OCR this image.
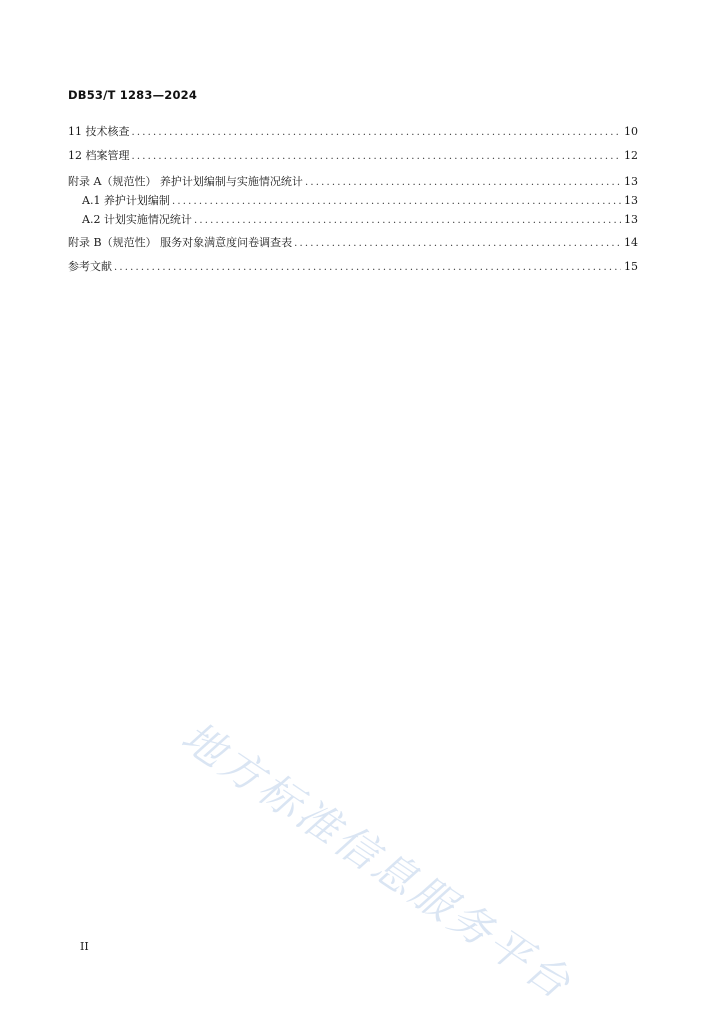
DB53/T 1283—2024
11 技术核查 .....	10
12 档案管理 .....	12
附录 A（规范性） 养护计划编制与实施情况统计 .....	13
A.1 养护计划编制 .....	13
A.2 计划实施情况统计 .....	13
附录 B（规范性） 服务对象满意度问卷调查表 .....	14
参考文献 .....	15
地方标准信息服务平台
II
